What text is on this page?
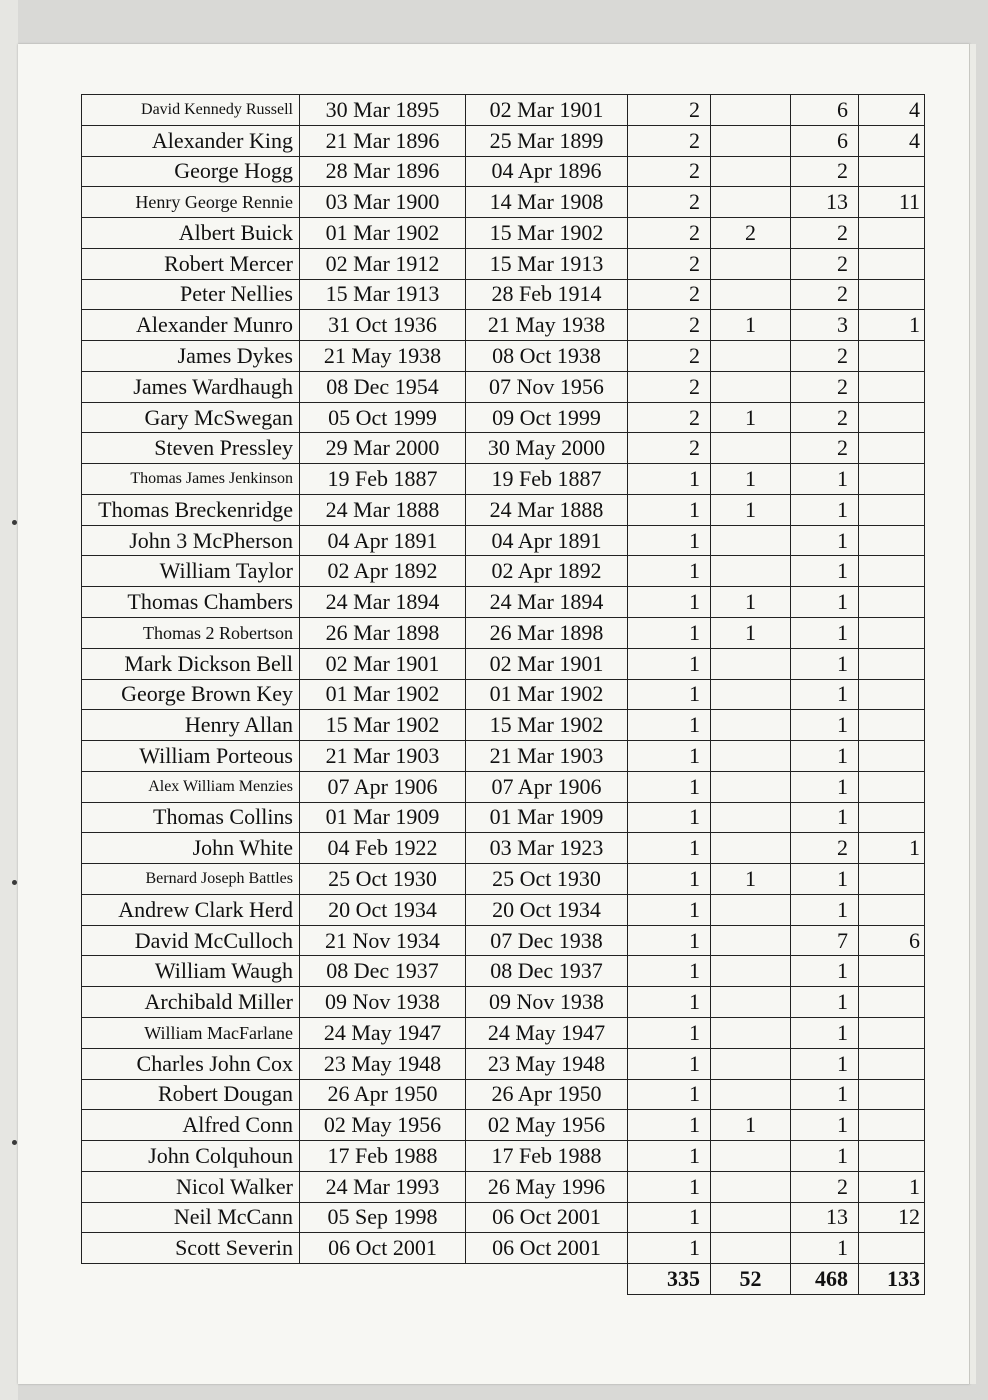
David Kennedy Russell	30 Mar 1895	02 Mar 1901	2		6	4
Alexander King	21 Mar 1896	25 Mar 1899	2		6	4
George Hogg	28 Mar 1896	04 Apr 1896	2		2	
Henry George Rennie	03 Mar 1900	14 Mar 1908	2		13	11
Albert Buick	01 Mar 1902	15 Mar 1902	2	2	2	
Robert Mercer	02 Mar 1912	15 Mar 1913	2		2	
Peter Nellies	15 Mar 1913	28 Feb 1914	2		2	
Alexander Munro	31 Oct 1936	21 May 1938	2	1	3	1
James Dykes	21 May 1938	08 Oct 1938	2		2	
James Wardhaugh	08 Dec 1954	07 Nov 1956	2		2	
Gary McSwegan	05 Oct 1999	09 Oct 1999	2	1	2	
Steven Pressley	29 Mar 2000	30 May 2000	2		2	
Thomas James Jenkinson	19 Feb 1887	19 Feb 1887	1	1	1	
Thomas Breckenridge	24 Mar 1888	24 Mar 1888	1	1	1	
John 3 McPherson	04 Apr 1891	04 Apr 1891	1		1	
William Taylor	02 Apr 1892	02 Apr 1892	1		1	
Thomas Chambers	24 Mar 1894	24 Mar 1894	1	1	1	
Thomas 2 Robertson	26 Mar 1898	26 Mar 1898	1	1	1	
Mark Dickson Bell	02 Mar 1901	02 Mar 1901	1		1	
George Brown Key	01 Mar 1902	01 Mar 1902	1		1	
Henry Allan	15 Mar 1902	15 Mar 1902	1		1	
William Porteous	21 Mar 1903	21 Mar 1903	1		1	
Alex William Menzies	07 Apr 1906	07 Apr 1906	1		1	
Thomas Collins	01 Mar 1909	01 Mar 1909	1		1	
John White	04 Feb 1922	03 Mar 1923	1		2	1
Bernard Joseph Battles	25 Oct 1930	25 Oct 1930	1	1	1	
Andrew Clark Herd	20 Oct 1934	20 Oct 1934	1		1	
David McCulloch	21 Nov 1934	07 Dec 1938	1		7	6
William Waugh	08 Dec 1937	08 Dec 1937	1		1	
Archibald Miller	09 Nov 1938	09 Nov 1938	1		1	
William MacFarlane	24 May 1947	24 May 1947	1		1	
Charles John Cox	23 May 1948	23 May 1948	1		1	
Robert Dougan	26 Apr 1950	26 Apr 1950	1		1	
Alfred Conn	02 May 1956	02 May 1956	1	1	1	
John Colquhoun	17 Feb 1988	17 Feb 1988	1		1	
Nicol Walker	24 Mar 1993	26 May 1996	1		2	1
Neil McCann	05 Sep 1998	06 Oct 2001	1		13	12
Scott Severin	06 Oct 2001	06 Oct 2001	1		1	
			335	52	468	133
